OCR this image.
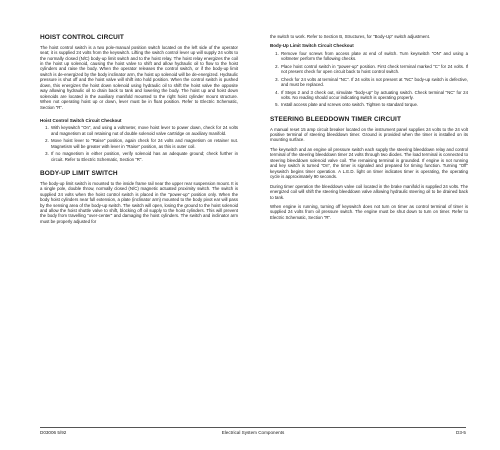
HOIST CONTROL CIRCUIT

The hoist control switch is a two pole-manual position switch located on the left side of the operator seat; it is supplied 24 volts from the keyswitch. Lifting the switch control lever up will supply 24 volts to the normally closed (N/C) body-up limit switch and to the hoist relay. The hoist relay energizes the coil in the hoist up solenoid, causing the hoist valve to shift and allow hydraulic oil to flow to the hoist cylinders and raise the body. When the operator releases the control switch, or if the body-up limit switch is de-energized by the body inclinator arm, the hoist up solenoid will be de-energized. Hydraulic pressure is shut off and the hoist valve will shift into hold position. When the control switch is pushed down, this energizes the hoist down solenoid using hydraulic oil to shift the hoist valve the opposite way allowing hydraulic oil to drain back to tank and lowering the body. The hoist up and hoist down solenoids are located in the auxiliary manifold mounted to the right hoist cylinder mount structure. When not operating hoist up or down, lever must be in float position. Refer to Electric Schematic, Section "R".

Hoist Control Switch Circuit Checkout
1. With keyswitch "On", and using a voltmeter, move hoist lever to power down, check for 24 volts and magnetism at coil retaining nut of double solenoid valve cartridge on auxiliary manifold.
2. Move hoist lever to "Raise" position, again check for 24 volts and magnetism on retainer nut. Magnetism will be greater with lever in "Raise" position, as this is outer coil.
3. If no magnetism in either position, verify solenoid has an adequate ground; check further in circuit. Refer to Electric Schematic, Section "R".
BODY-UP LIMIT SWITCH

The body-up limit switch is mounted to the inside frame rail near the upper rear suspension mount. It is a single pole, double throw, normally closed (N/C) magnetic actuated proximity switch. The switch is supplied 24 volts when the hoist control switch is placed in the "power-up" position only. When the body hoist cylinders near full extension, a plate (inclinator arm) mounted to the body pivot ear will pass by the sensing area of the body-up switch. The switch will open, losing the ground to the hoist solenoid and allow the hoist shuttle valve to shift, blocking off oil supply to the hoist cylinders. This will prevent the body from travelling "over-center" and damaging the hoist cylinders. The switch and inclinator arm must be properly adjusted for

the switch to work. Refer to Section B, Structures, for "Body-Up" switch adjustment.

Body-Up Limit Switch Circuit Checkout
1. Remove four screws from access plate at end of switch. Turn keyswitch "ON" and using a voltmeter perform the following checks.
2. Place hoist control switch in "power-up" position. First check terminal marked "C" for 24 volts. If not present check for open circuit back to hoist control switch.
3. Check for 24 volts at terminal "NC". If 24 volts is not present at "NC" body-up switch is defective, and must be replaced.
4. If Steps 2 and 3 check out, simulate "body-up" by actuating switch. Check terminal "NC" for 24 volts. No reading should occur indicating switch is operating properly.
5. Install access plate and screws onto switch. Tighten to standard torque.
STEERING BLEEDDOWN TIMER CIRCUIT

A manual reset 15 amp circuit breaker located on the instrument panel supplies 24 volts to the 24 volt positive terminal of steering bleeddown timer. Ground is provided when the timer is installed on its mounting surface.

The keyswitch and an engine oil pressure switch each supply the steering bleeddown relay and control terminal of the steering bleeddown timer 24 volts through two diodes. The load terminal is connected to steering bleeddown solenoid valve coil. The remaining terminal is grounded. If engine is not running and key switch is turned "On", the timer is signaled and prepared for timing function. Turning "Off" keyswitch begins timer operation. A L.E.D. light on timer indicates timer is operating, the operating cycle is approximately 90 seconds.

During timer operation the bleeddown valve coil located in the brake manifold is supplied 24 volts. The energized coil will shift the steering bleeddown valve allowing hydraulic steering oil to be drained back to tank.

When engine is running, turning off keyswitch does not turn on timer as control terminal of timer is supplied 24 volts from oil pressure switch. The engine must be shut down to turn on timer. Refer to Electric Schematic, Section "R".

D03006 5/92	Electrical System Components	D3-5
